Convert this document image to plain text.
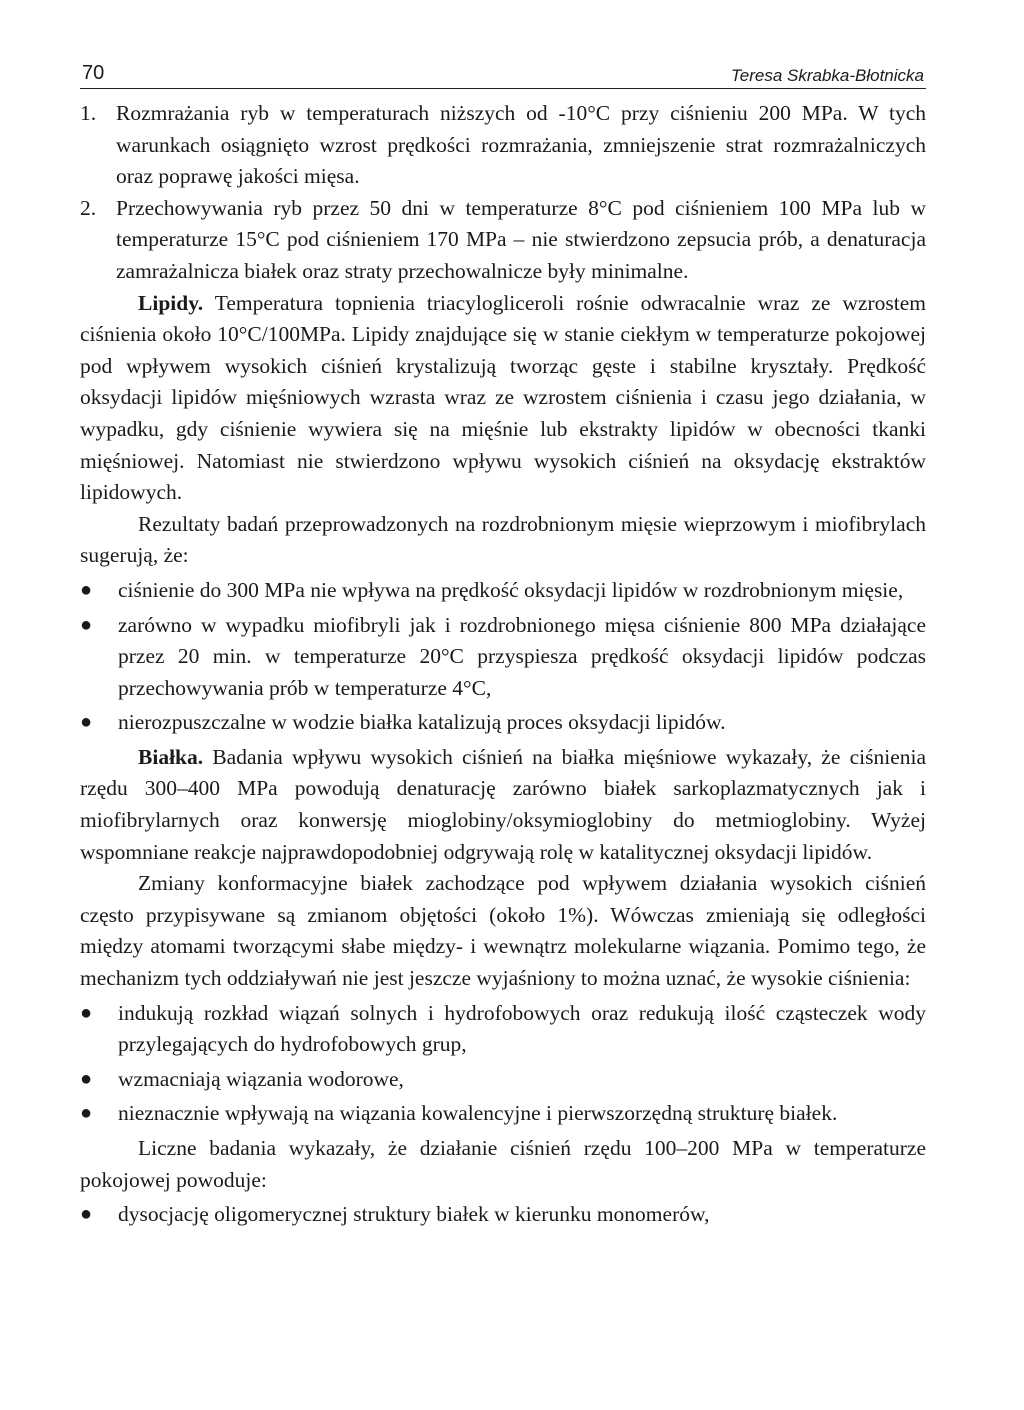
70	Teresa Skrabka-Błotnicka
1. Rozmrażania ryb w temperaturach niższych od -10°C przy ciśnieniu 200 MPa. W tych warunkach osiągnięto wzrost prędkości rozmrażania, zmniejszenie strat rozmrażalniczych oraz poprawę jakości mięsa.
2. Przechowywania ryb przez 50 dni w temperaturze 8°C pod ciśnieniem 100 MPa lub w temperaturze 15°C pod ciśnieniem 170 MPa – nie stwierdzono zepsucia prób, a denaturacja zamrażalnicza białek oraz straty przechowalnicze były minimalne.

Lipidy. Temperatura topnienia triacylogliceroli rośnie odwracalnie wraz ze wzrostem ciśnienia około 10°C/100MPa. Lipidy znajdujące się w stanie ciekłym w temperaturze pokojowej pod wpływem wysokich ciśnień krystalizują tworząc gęste i stabilne kryształy. Prędkość oksydacji lipidów mięśniowych wzrasta wraz ze wzrostem ciśnienia i czasu jego działania, w wypadku, gdy ciśnienie wywiera się na mięśnie lub ekstrakty lipidów w obecności tkanki mięśniowej. Natomiast nie stwierdzono wpływu wysokich ciśnień na oksydację ekstraktów lipidowych.

Rezultaty badań przeprowadzonych na rozdrobnionym mięsie wieprzowym i miofibrylach sugerują, że:

●	ciśnienie do 300 MPa nie wpływa na prędkość oksydacji lipidów w rozdrobnionym mięsie,
●	zarówno w wypadku miofibryli jak i rozdrobnionego mięsa ciśnienie 800 MPa działające przez 20 min. w temperaturze 20°C przyspiesza prędkość oksydacji lipidów podczas przechowywania prób w temperaturze 4°C,
●	nierozpuszczalne w wodzie białka katalizują proces oksydacji lipidów.

Białka. Badania wpływu wysokich ciśnień na białka mięśniowe wykazały, że ciśnienia rzędu 300–400 MPa powodują denaturację zarówno białek sarkoplazmatycznych jak i miofibrylarnych oraz konwersję mioglobiny/oksymioglobiny do metmioglobiny. Wyżej wspomniane reakcje najprawdopodobniej odgrywają rolę w katalitycznej oksydacji lipidów.

Zmiany konformacyjne białek zachodzące pod wpływem działania wysokich ciśnień często przypisywane są zmianom objętości (około 1%). Wówczas zmieniają się odległości między atomami tworzącymi słabe między- i wewnątrz molekularne wiązania. Pomimo tego, że mechanizm tych oddziaływań nie jest jeszcze wyjaśniony to można uznać, że wysokie ciśnienia:

●	indukują rozkład wiązań solnych i hydrofobowych oraz redukują ilość cząsteczek wody przylegających do hydrofobowych grup,
●	wzmacniają wiązania wodorowe,
●	nieznacznie wpływają na wiązania kowalencyjne i pierwszorzędną strukturę białek.

Liczne badania wykazały, że działanie ciśnień rzędu 100–200 MPa w temperaturze pokojowej powoduje:

●	dysocjację oligomerycznej struktury białek w kierunku monomerów,
